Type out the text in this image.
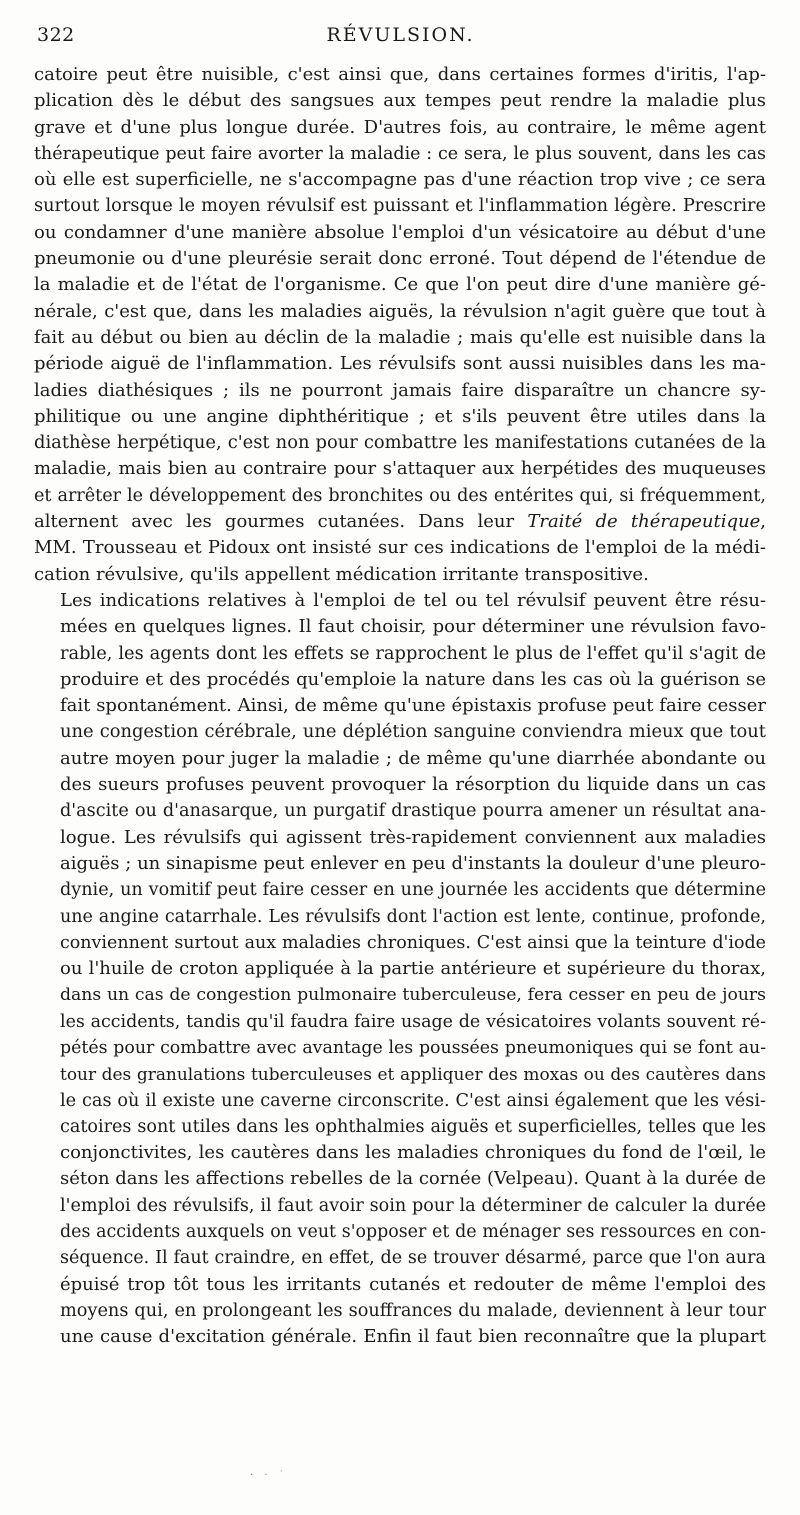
322	RÉVULSION.

catoire peut être nuisible, c'est ainsi que, dans certaines formes d'iritis, l'ap-
plication dès le début des sangsues aux tempes peut rendre la maladie plus
grave et d'une plus longue durée. D'autres fois, au contraire, le même agent
thérapeutique peut faire avorter la maladie : ce sera, le plus souvent, dans les cas
où elle est superficielle, ne s'accompagne pas d'une réaction trop vive ; ce sera
surtout lorsque le moyen révulsif est puissant et l'inflammation légère. Prescrire
ou condamner d'une manière absolue l'emploi d'un vésicatoire au début d'une
pneumonie ou d'une pleurésie serait donc erroné. Tout dépend de l'étendue de
la maladie et de l'état de l'organisme. Ce que l'on peut dire d'une manière gé-
nérale, c'est que, dans les maladies aiguës, la révulsion n'agit guère que tout à
fait au début ou bien au déclin de la maladie ; mais qu'elle est nuisible dans la
période aiguë de l'inflammation. Les révulsifs sont aussi nuisibles dans les ma-
ladies diathésiques ; ils ne pourront jamais faire disparaître un chancre sy-
philitique ou une angine diphthéritique ; et s'ils peuvent être utiles dans la
diathèse herpétique, c'est non pour combattre les manifestations cutanées de la
maladie, mais bien au contraire pour s'attaquer aux herpétides des muqueuses
et arrêter le développement des bronchites ou des entérites qui, si fréquemment,
alternent avec les gourmes cutanées. Dans leur Traité de thérapeutique,
MM. Trousseau et Pidoux ont insisté sur ces indications de l'emploi de la médi-
cation révulsive, qu'ils appellent médication irritante transpositive.

Les indications relatives à l'emploi de tel ou tel révulsif peuvent être résu-
mées en quelques lignes. Il faut choisir, pour déterminer une révulsion favo-
rable, les agents dont les effets se rapprochent le plus de l'effet qu'il s'agit de
produire et des procédés qu'emploie la nature dans les cas où la guérison se
fait spontanément. Ainsi, de même qu'une épistaxis profuse peut faire cesser
une congestion cérébrale, une déplétion sanguine conviendra mieux que tout
autre moyen pour juger la maladie ; de même qu'une diarrhée abondante ou
des sueurs profuses peuvent provoquer la résorption du liquide dans un cas
d'ascite ou d'anasarque, un purgatif drastique pourra amener un résultat ana-
logue. Les révulsifs qui agissent très-rapidement conviennent aux maladies
aiguës ; un sinapisme peut enlever en peu d'instants la douleur d'une pleuro-
dynie, un vomitif peut faire cesser en une journée les accidents que détermine
une angine catarrhale. Les révulsifs dont l'action est lente, continue, profonde,
conviennent surtout aux maladies chroniques. C'est ainsi que la teinture d'iode
ou l'huile de croton appliquée à la partie antérieure et supérieure du thorax,
dans un cas de congestion pulmonaire tuberculeuse, fera cesser en peu de jours
les accidents, tandis qu'il faudra faire usage de vésicatoires volants souvent ré-
pétés pour combattre avec avantage les poussées pneumoniques qui se font au-
tour des granulations tuberculeuses et appliquer des moxas ou des cautères dans
le cas où il existe une caverne circonscrite. C'est ainsi également que les vési-
catoires sont utiles dans les ophthalmies aiguës et superficielles, telles que les
conjonctivites, les cautères dans les maladies chroniques du fond de l'œil, le
séton dans les affections rebelles de la cornée (Velpeau). Quant à la durée de
l'emploi des révulsifs, il faut avoir soin pour la déterminer de calculer la durée
des accidents auxquels on veut s'opposer et de ménager ses ressources en con-
séquence. Il faut craindre, en effet, de se trouver désarmé, parce que l'on aura
épuisé trop tôt tous les irritants cutanés et redouter de même l'emploi des
moyens qui, en prolongeant les souffrances du malade, deviennent à leur tour
une cause d'excitation générale. Enfin il faut bien reconnaître que la plupart

· · ˙
